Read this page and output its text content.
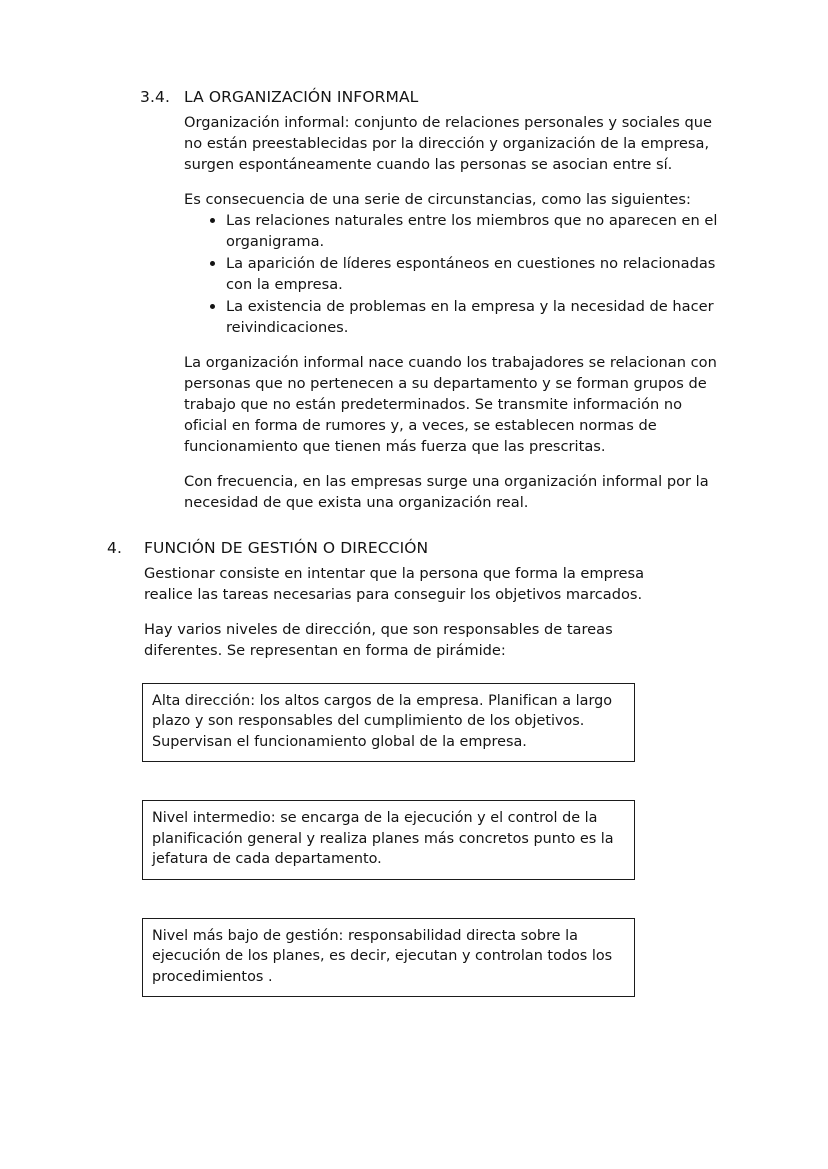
3.4. LA ORGANIZACIÓN INFORMAL

Organización informal: conjunto de relaciones personales y sociales que no están preestablecidas por la dirección y organización de la empresa, surgen espontáneamente cuando las personas se asocian entre sí.

Es consecuencia de una serie de circunstancias, como las siguientes:

Las relaciones naturales entre los miembros que no aparecen en el organigrama.
La aparición de líderes espontáneos en cuestiones no relacionadas con la empresa.
La existencia de problemas en la empresa y la necesidad de hacer reivindicaciones.

La organización informal nace cuando los trabajadores se relacionan con personas que no pertenecen a su departamento y se forman grupos de trabajo que no están predeterminados. Se transmite información no oficial en forma de rumores y, a veces, se establecen normas de funcionamiento que tienen más fuerza que las prescritas.

Con frecuencia, en las empresas surge una organización informal por la necesidad de que exista una organización real.

4.	FUNCIÓN DE GESTIÓN O DIRECCIÓN

Gestionar consiste en intentar que la persona que forma la empresa realice las tareas necesarias para conseguir los objetivos marcados.

Hay varios niveles de dirección, que son responsables de tareas diferentes. Se representan en forma de pirámide:

Alta dirección: los altos cargos de la empresa. Planifican a largo plazo y son responsables del cumplimiento de los objetivos. Supervisan el funcionamiento global de la empresa.
Nivel intermedio: se encarga de la ejecución y el control de la planificación general y realiza planes más concretos punto es la jefatura de cada departamento.
Nivel más bajo de gestión: responsabilidad directa sobre la ejecución de los planes, es decir, ejecutan y controlan todos los procedimientos .
